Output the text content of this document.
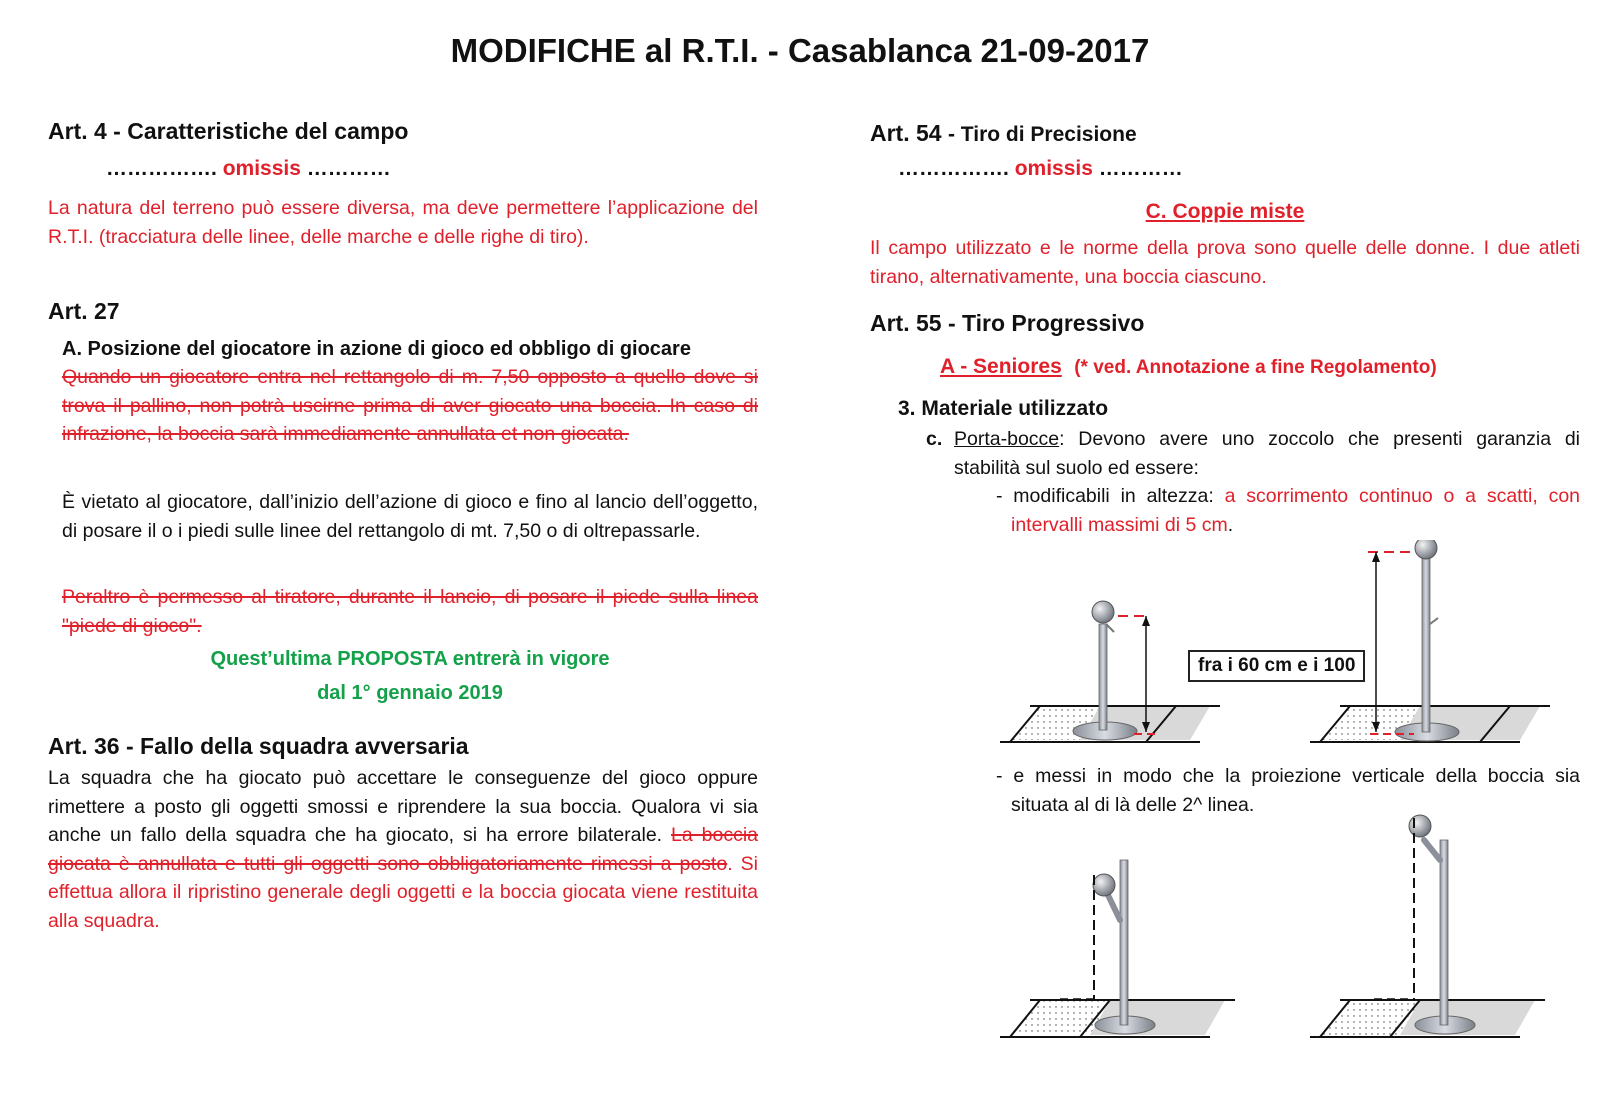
MODIFICHE al R.T.I. - Casablanca 21-09-2017
Art. 4 - Caratteristiche del campo
……………. omissis …………
La natura del terreno può essere diversa, ma deve permettere l’applicazione del R.T.I. (tracciatura delle linee, delle marche e delle righe di tiro).
Art. 27
A. Posizione del giocatore in azione di gioco ed obbligo di giocare
Quando un giocatore entra nel rettangolo di m. 7,50 opposto a quello dove si trova il pallino, non potrà uscirne prima di aver giocato una boccia. In caso di infrazione, la boccia sarà immediamente annullata et non giocata.
È vietato al giocatore, dall’inizio dell’azione di gioco e fino al lancio dell’oggetto, di posare il o i piedi sulle linee del rettangolo di mt. 7,50 o di oltrepassarle.
Peraltro è permesso al tiratore, durante il lancio, di posare il piede sulla linea "piede di gioco".
Quest’ultima PROPOSTA entrerà in vigore
dal 1° gennaio 2019
Art. 36 - Fallo della squadra avversaria
La squadra che ha giocato può accettare le conseguenze del gioco oppure rimettere a posto gli oggetti smossi e riprendere la sua boccia. Qualora vi sia anche un fallo della squadra che ha giocato, si ha errore bilaterale. La boccia giocata è annullata e tutti gli oggetti sono obbligatoriamente rimessi a posto. Si effettua allora il ripristino generale degli oggetti e la boccia giocata viene restituita alla squadra.
Art. 54 - Tiro di Precisione
……………. omissis …………
C. Coppie miste
Il campo utilizzato e le norme della prova sono quelle delle donne. I due atleti tirano, alternativamente, una boccia ciascuno.
Art. 55 - Tiro Progressivo
A - Seniores (* ved. Annotazione a fine Regolamento)
3. Materiale utilizzato
c. Porta-bocce: Devono avere uno zoccolo che presenti garanzia di stabilità sul suolo ed essere:
- modificabili in altezza: a scorrimento continuo o a scatti, con intervalli massimi di 5 cm.
fra i 60 cm e i 100
- e messi in modo che la proiezione verticale della boccia sia situata al di là delle 2^ linea.
